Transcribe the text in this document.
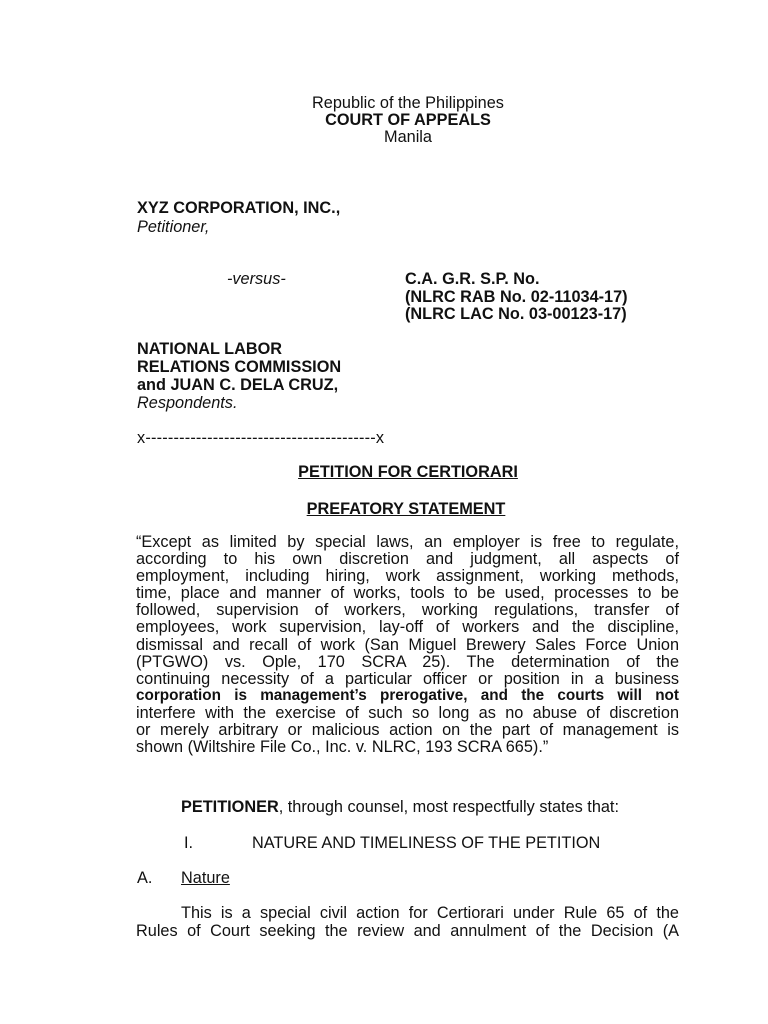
Republic of the Philippines
COURT OF APPEALS
Manila
XYZ CORPORATION, INC.,
Petitioner,
-versus-	C.A. G.R. S.P. No.
(NLRC RAB No. 02-11034-17)
(NLRC LAC No. 03-00123-17)
NATIONAL LABOR
RELATIONS COMMISSION
and JUAN C. DELA CRUZ,
Respondents.
x-----------------------------------------x
PETITION FOR CERTIORARI
PREFATORY STATEMENT
“Except as limited by special laws, an employer is free to regulate,
according to his own discretion and judgment, all aspects of
employment, including hiring, work assignment, working methods,
time, place and manner of works, tools to be used, processes to be
followed, supervision of workers, working regulations, transfer of
employees, work supervision, lay-off of workers and the discipline,
dismissal and recall of work (San Miguel Brewery Sales Force Union
(PTGWO) vs. Ople, 170 SCRA 25). The determination of the
continuing necessity of a particular officer or position in a business
corporation is management’s prerogative, and the courts will not
interfere with the exercise of such so long as no abuse of discretion
or merely arbitrary or malicious action on the part of management is
shown (Wiltshire File Co., Inc. v. NLRC, 193 SCRA 665).”
PETITIONER, through counsel, most respectfully states that:
I.	NATURE AND TIMELINESS OF THE PETITION
A. Nature
This is a special civil action for Certiorari under Rule 65 of the
Rules of Court seeking the review and annulment of the Decision (A
